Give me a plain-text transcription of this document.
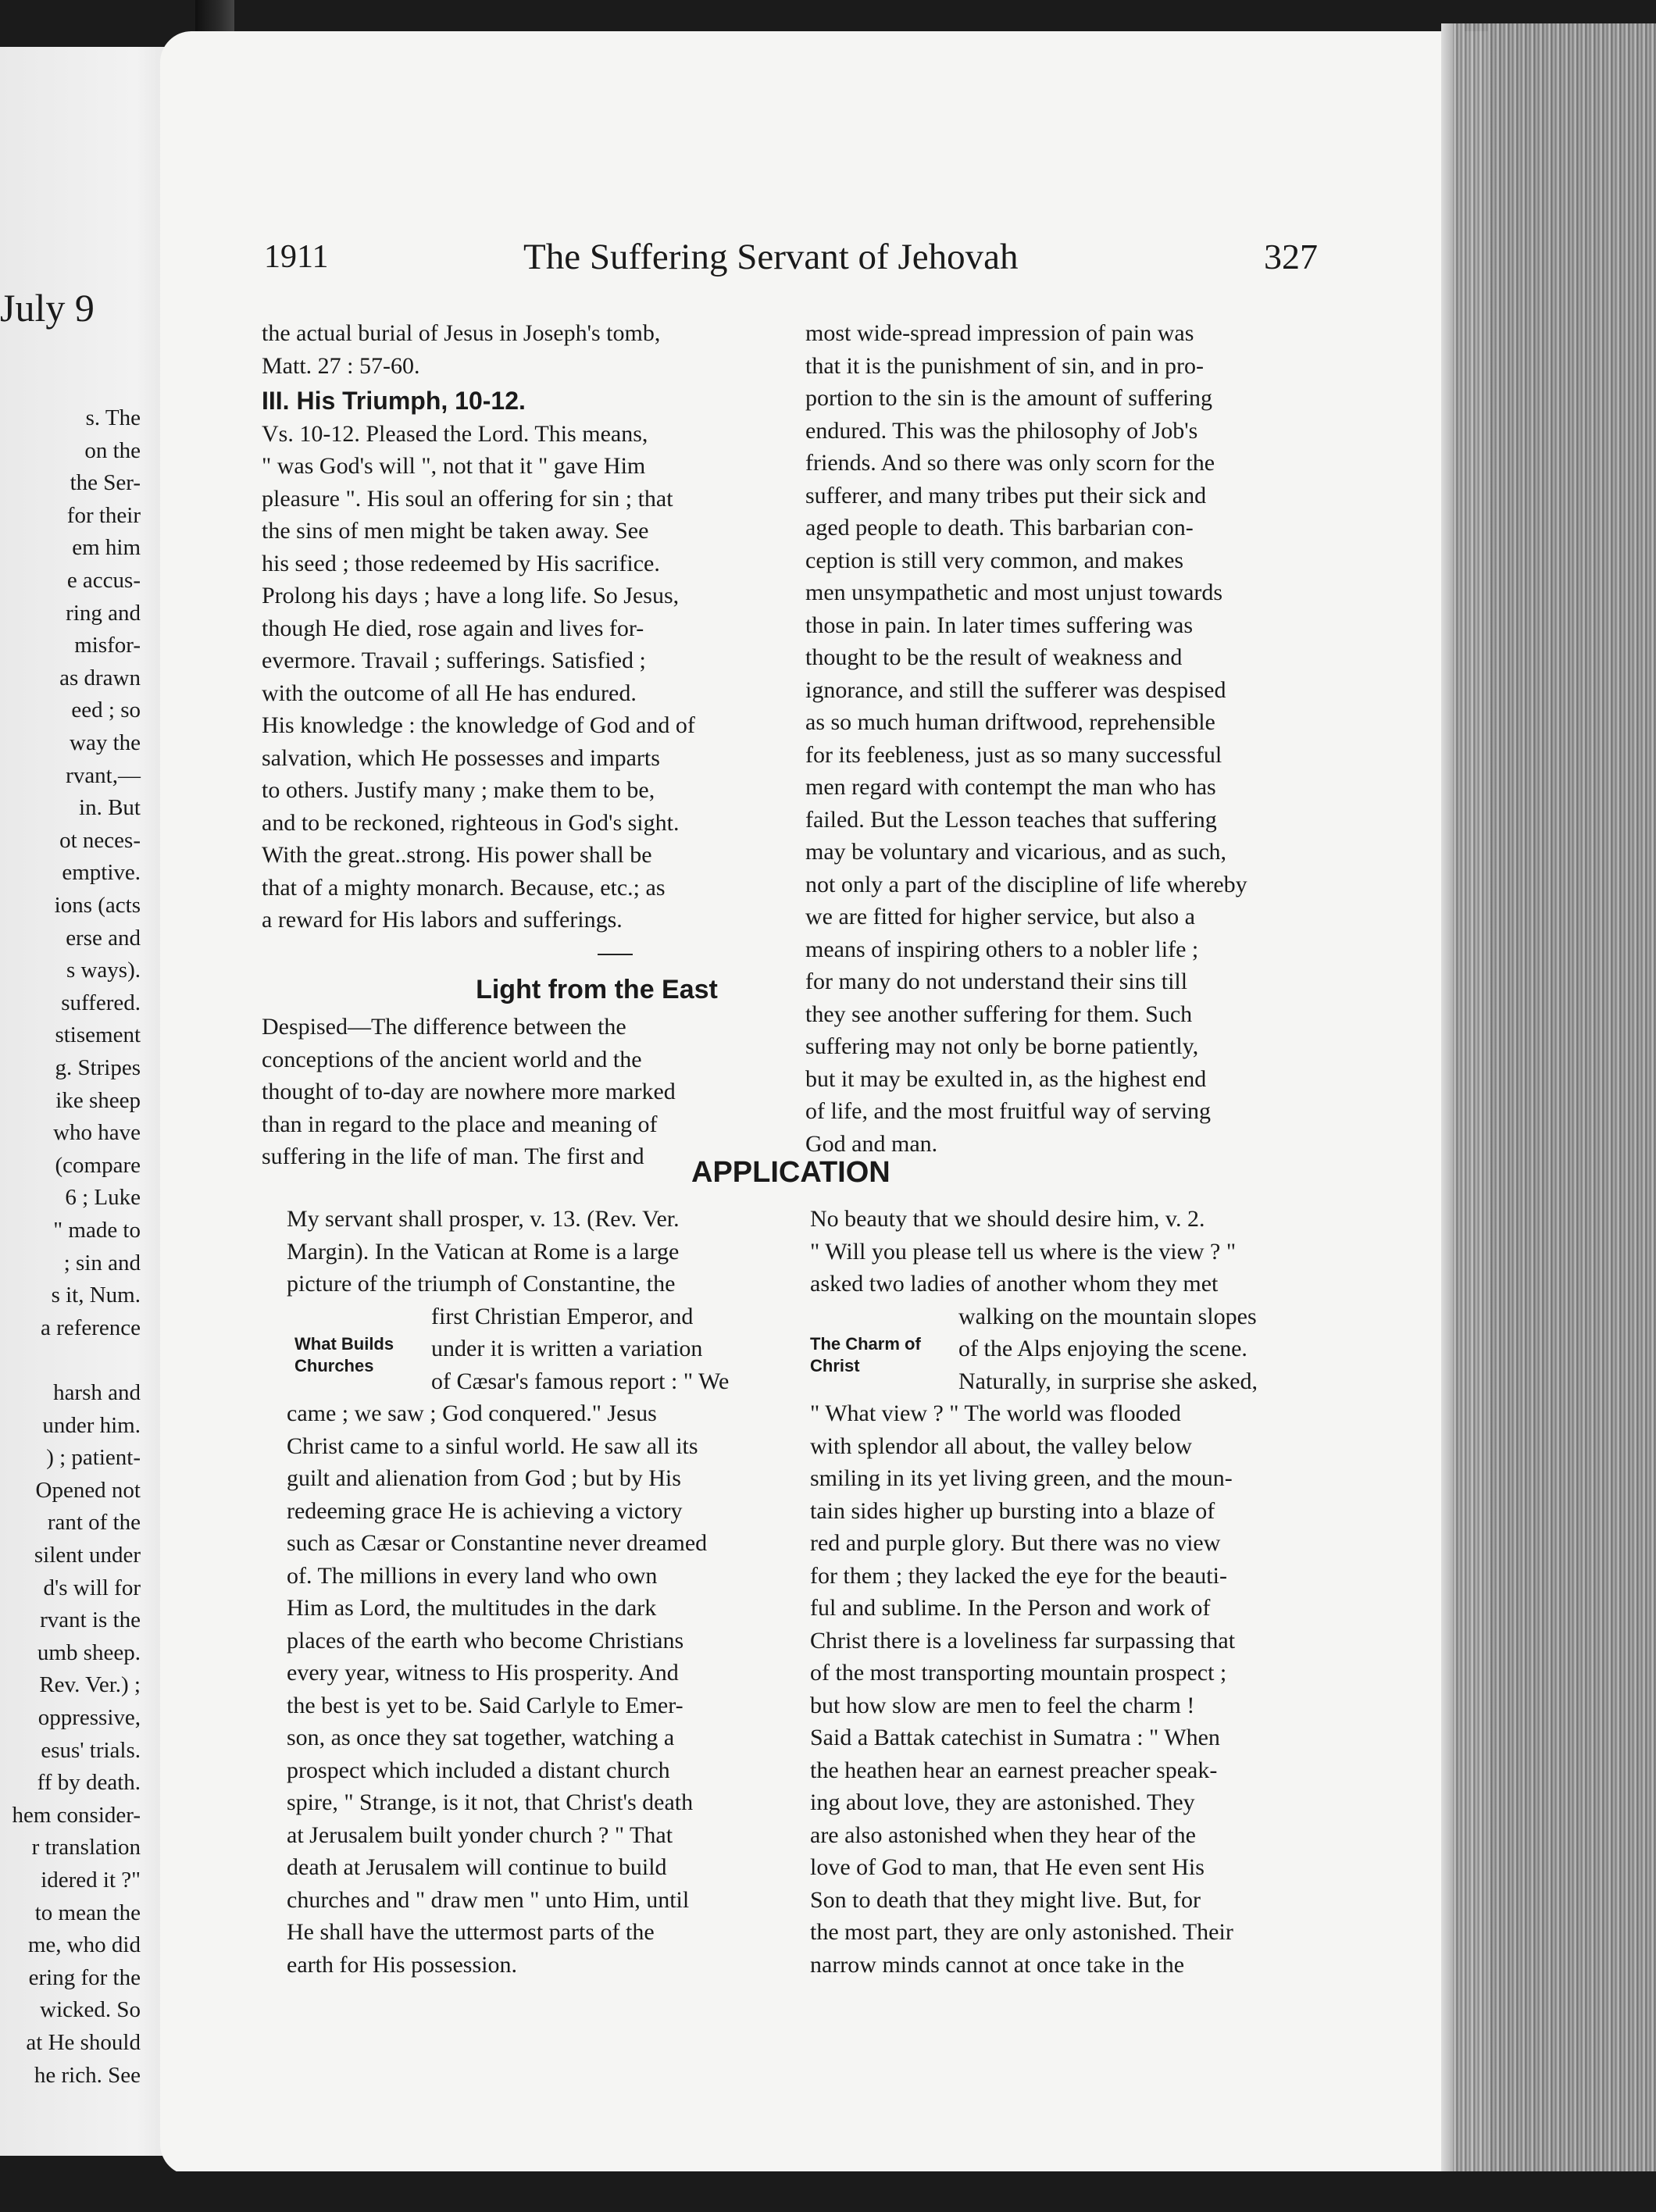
July 9
s. The
on the
the Ser-
for their
em him
e accus-
ring and
misfor-
as drawn
eed ; so
way the
rvant,—
in. But
ot neces-
emptive.
ions (acts
erse and
s ways).
suffered.
stisement
g. Stripes
ike sheep
who have
(compare
6 ; Luke
" made to
; sin and
s it, Num.
a reference
harsh and
under him.
) ; patient-
Opened not
rant of the
silent under
d's will for
rvant is the
umb sheep.
Rev. Ver.) ;
oppressive,
esus' trials.
ff by death.
hem consider-
r translation
idered it ?"
to mean the
me, who did
ering for the
wicked. So
at He should
he rich. See
1911	The Suffering Servant of Jehovah	327
the actual burial of Jesus in Joseph's tomb,
Matt. 27 : 57-60.
III. His Triumph, 10-12.
Vs. 10-12. Pleased the Lord. This means,
" was God's will ", not that it " gave Him
pleasure ". His soul an offering for sin ; that
the sins of men might be taken away. See
his seed ; those redeemed by His sacrifice.
Prolong his days ; have a long life. So Jesus,
though He died, rose again and lives for-
evermore. Travail ; sufferings. Satisfied ;
with the outcome of all He has endured.
His knowledge : the knowledge of God and of
salvation, which He possesses and imparts
to others. Justify many ; make them to be,
and to be reckoned, righteous in God's sight.
With the great..strong. His power shall be
that of a mighty monarch. Because, etc.; as
a reward for His labors and sufferings.
Light from the East
Despised—The difference between the
conceptions of the ancient world and the
thought of to-day are nowhere more marked
than in regard to the place and meaning of
suffering in the life of man. The first and
most wide-spread impression of pain was
that it is the punishment of sin, and in pro-
portion to the sin is the amount of suffering
endured. This was the philosophy of Job's
friends. And so there was only scorn for the
sufferer, and many tribes put their sick and
aged people to death. This barbarian con-
ception is still very common, and makes
men unsympathetic and most unjust towards
those in pain. In later times suffering was
thought to be the result of weakness and
ignorance, and still the sufferer was despised
as so much human driftwood, reprehensible
for its feebleness, just as so many successful
men regard with contempt the man who has
failed. But the Lesson teaches that suffering
may be voluntary and vicarious, and as such,
not only a part of the discipline of life whereby
we are fitted for higher service, but also a
means of inspiring others to a nobler life ;
for many do not understand their sins till
they see another suffering for them. Such
suffering may not only be borne patiently,
but it may be exulted in, as the highest end
of life, and the most fruitful way of serving
God and man.
APPLICATION
My servant shall prosper, v. 13. (Rev. Ver.
Margin). In the Vatican at Rome is a large
picture of the triumph of Constantine, the
What Builds Churches
first Christian Emperor, and
under it is written a variation
of Cæsar's famous report : " We
came ; we saw ; God conquered." Jesus
Christ came to a sinful world. He saw all its
guilt and alienation from God ; but by His
redeeming grace He is achieving a victory
such as Cæsar or Constantine never dreamed
of. The millions in every land who own
Him as Lord, the multitudes in the dark
places of the earth who become Christians
every year, witness to His prosperity. And
the best is yet to be. Said Carlyle to Emer-
son, as once they sat together, watching a
prospect which included a distant church
spire, " Strange, is it not, that Christ's death
at Jerusalem built yonder church ? " That
death at Jerusalem will continue to build
churches and " draw men " unto Him, until
He shall have the uttermost parts of the
earth for His possession.
No beauty that we should desire him, v. 2.
" Will you please tell us where is the view ? "
asked two ladies of another whom they met
The Charm of Christ
walking on the mountain slopes
of the Alps enjoying the scene.
Naturally, in surprise she asked,
" What view ? " The world was flooded
with splendor all about, the valley below
smiling in its yet living green, and the moun-
tain sides higher up bursting into a blaze of
red and purple glory. But there was no view
for them ; they lacked the eye for the beauti-
ful and sublime. In the Person and work of
Christ there is a loveliness far surpassing that
of the most transporting mountain prospect ;
but how slow are men to feel the charm !
Said a Battak catechist in Sumatra : " When
the heathen hear an earnest preacher speak-
ing about love, they are astonished. They
are also astonished when they hear of the
love of God to man, that He even sent His
Son to death that they might live. But, for
the most part, they are only astonished. Their
narrow minds cannot at once take in the
